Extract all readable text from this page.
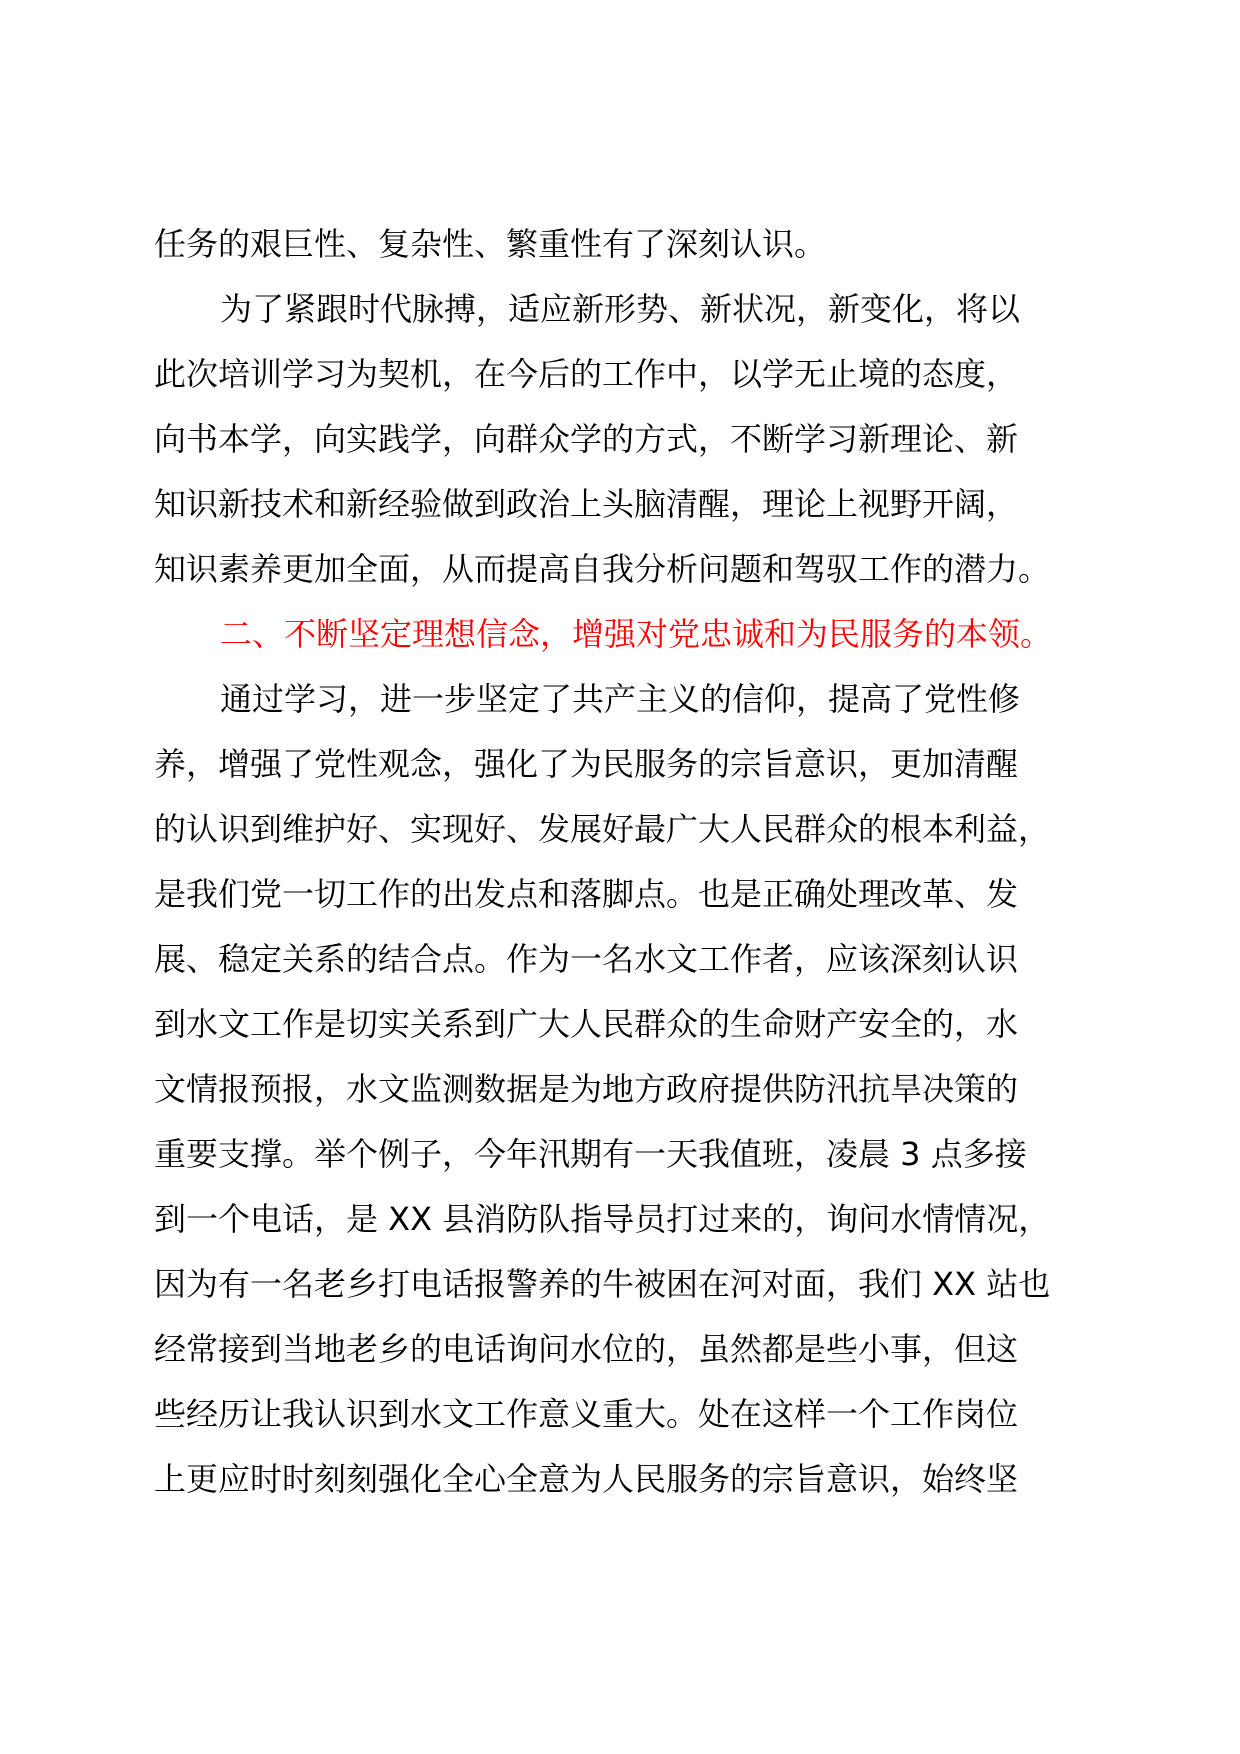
任务的艰巨性、复杂性、繁重性有了深刻认识。
为了紧跟时代脉搏，适应新形势、新状况，新变化，将以
此次培训学习为契机，在今后的工作中，以学无止境的态度，
向书本学，向实践学，向群众学的方式，不断学习新理论、新
知识新技术和新经验做到政治上头脑清醒，理论上视野开阔，
知识素养更加全面，从而提高自我分析问题和驾驭工作的潜力。
二、不断坚定理想信念，增强对党忠诚和为民服务的本领。
通过学习，进一步坚定了共产主义的信仰，提高了党性修
养，增强了党性观念，强化了为民服务的宗旨意识，更加清醒
的认识到维护好、实现好、发展好最广大人民群众的根本利益，
是我们党一切工作的出发点和落脚点。也是正确处理改革、发
展、稳定关系的结合点。作为一名水文工作者，应该深刻认识
到水文工作是切实关系到广大人民群众的生命财产安全的，水
文情报预报，水文监测数据是为地方政府提供防汛抗旱决策的
重要支撑。举个例子，今年汛期有一天我值班，凌晨 3 点多接
到一个电话，是 XX 县消防队指导员打过来的，询问水情情况，
因为有一名老乡打电话报警养的牛被困在河对面，我们 XX 站也
经常接到当地老乡的电话询问水位的，虽然都是些小事，但这
些经历让我认识到水文工作意义重大。处在这样一个工作岗位
上更应时时刻刻强化全心全意为人民服务的宗旨意识，始终坚
